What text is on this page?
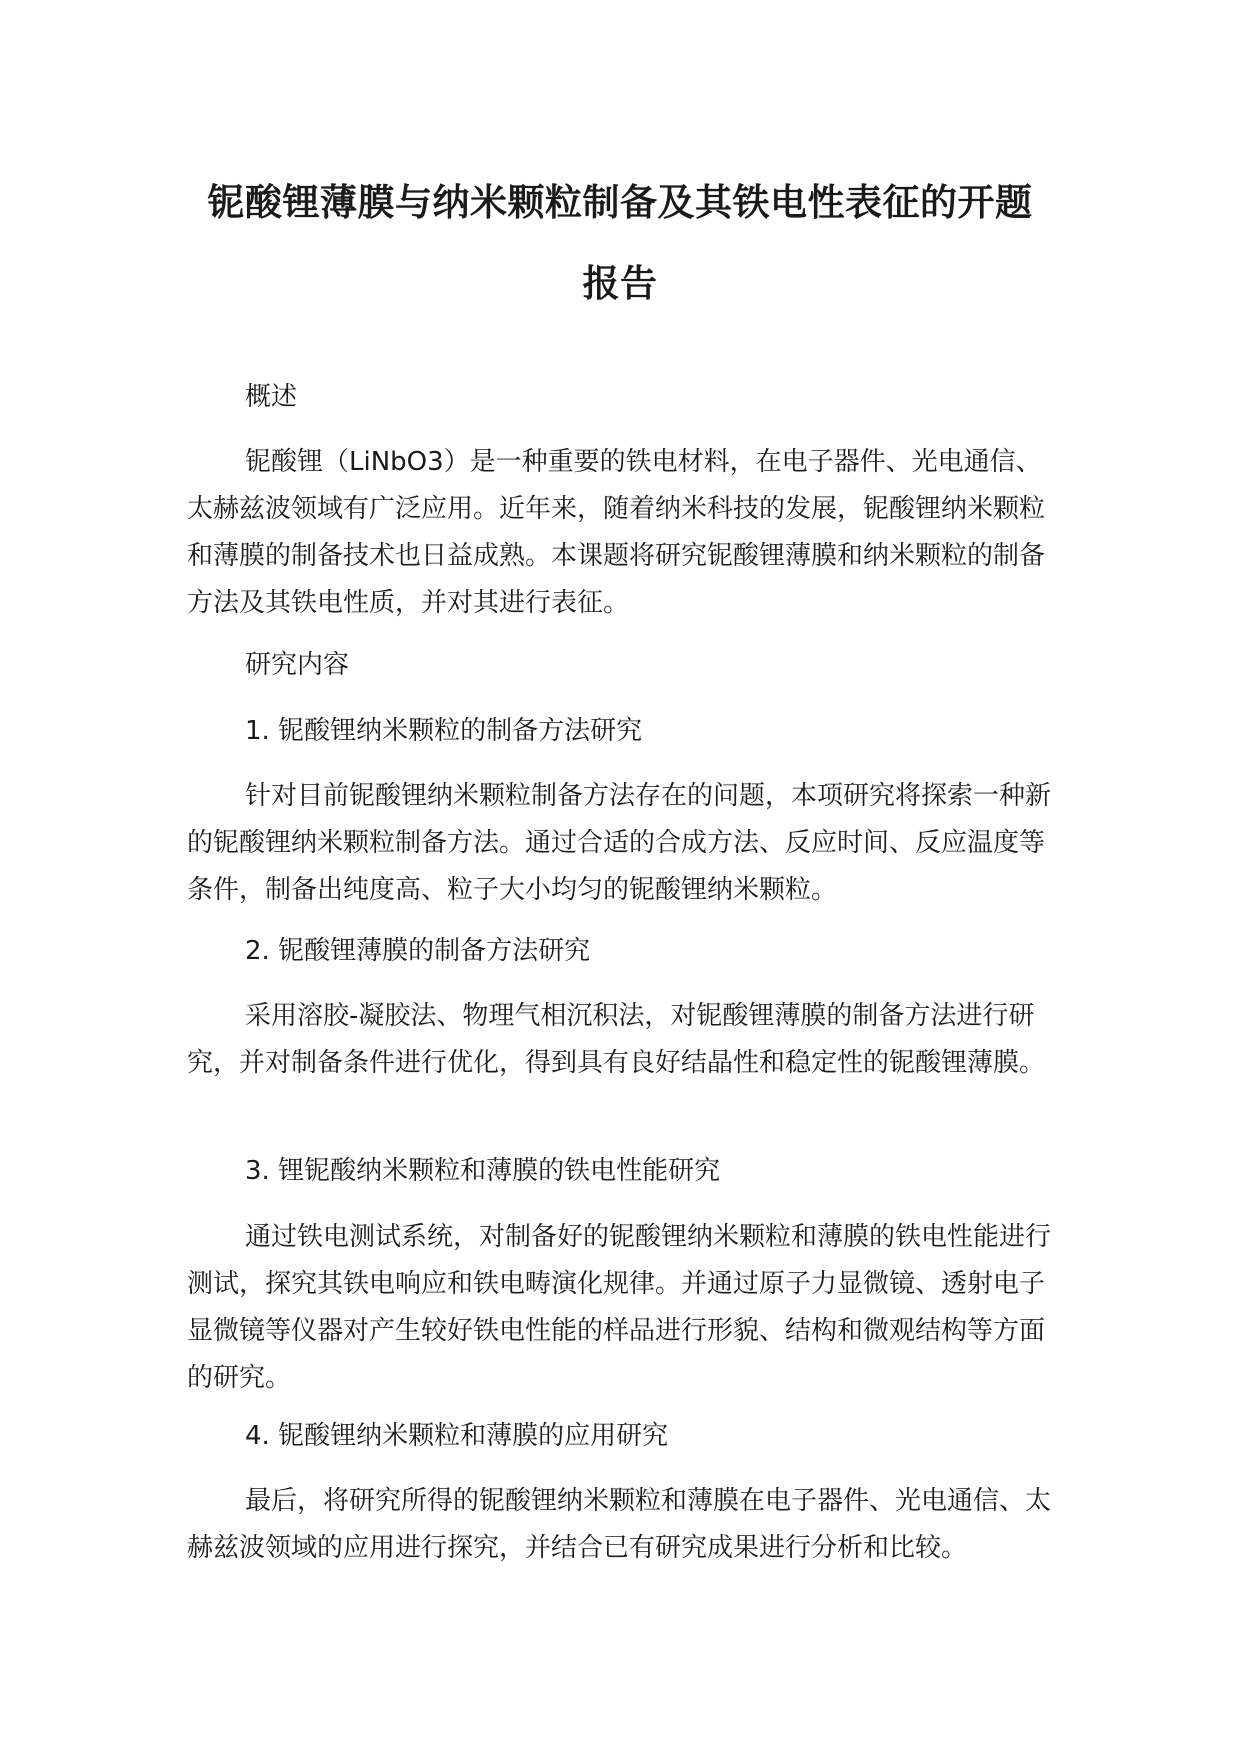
铌酸锂薄膜与纳米颗粒制备及其铁电性表征的开题
报告

概述

铌酸锂（LiNbO3）是一种重要的铁电材料，在电子器件、光电通信、太赫兹波领域有广泛应用。近年来，随着纳米科技的发展，铌酸锂纳米颗粒和薄膜的制备技术也日益成熟。本课题将研究铌酸锂薄膜和纳米颗粒的制备方法及其铁电性质，并对其进行表征。

研究内容

1. 铌酸锂纳米颗粒的制备方法研究

针对目前铌酸锂纳米颗粒制备方法存在的问题，本项研究将探索一种新的铌酸锂纳米颗粒制备方法。通过合适的合成方法、反应时间、反应温度等条件，制备出纯度高、粒子大小均匀的铌酸锂纳米颗粒。

2. 铌酸锂薄膜的制备方法研究

采用溶胶-凝胶法、物理气相沉积法，对铌酸锂薄膜的制备方法进行研究，并对制备条件进行优化，得到具有良好结晶性和稳定性的铌酸锂薄膜。

3. 锂铌酸纳米颗粒和薄膜的铁电性能研究

通过铁电测试系统，对制备好的铌酸锂纳米颗粒和薄膜的铁电性能进行测试，探究其铁电响应和铁电畴演化规律。并通过原子力显微镜、透射电子显微镜等仪器对产生较好铁电性能的样品进行形貌、结构和微观结构等方面的研究。

4. 铌酸锂纳米颗粒和薄膜的应用研究

最后，将研究所得的铌酸锂纳米颗粒和薄膜在电子器件、光电通信、太赫兹波领域的应用进行探究，并结合已有研究成果进行分析和比较。
